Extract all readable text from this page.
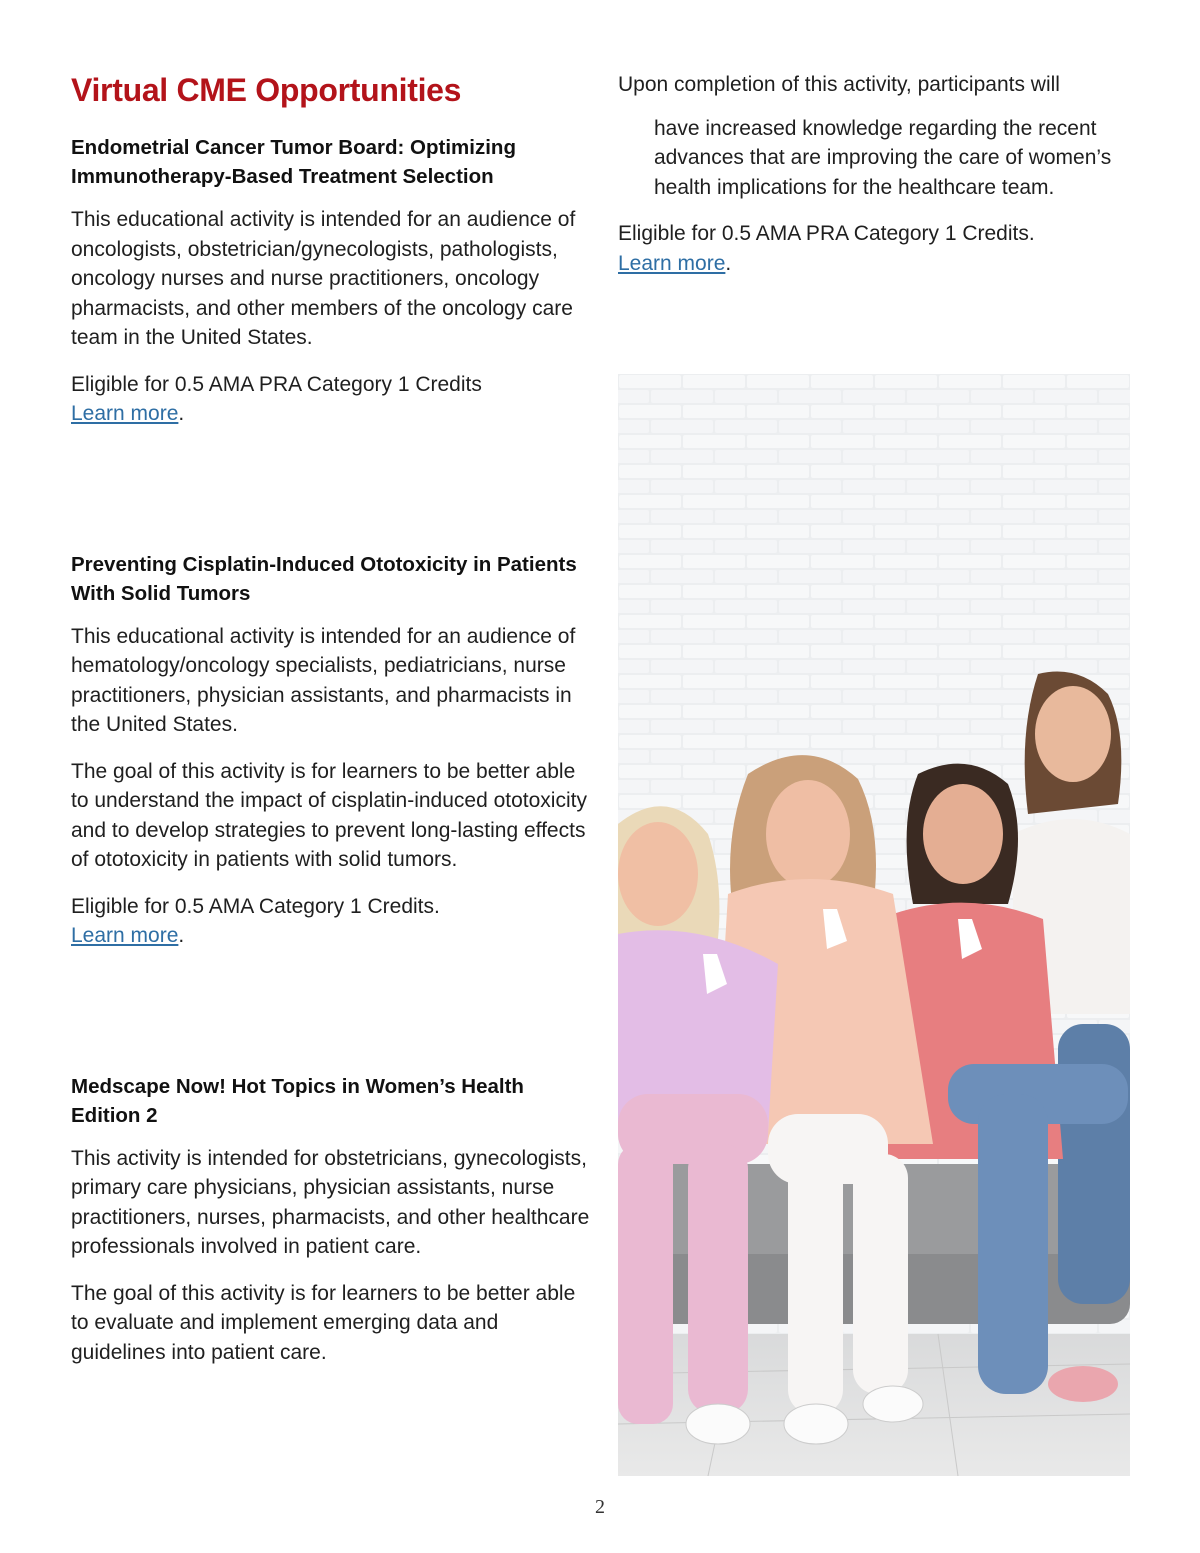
Virtual CME Opportunities
Endometrial Cancer Tumor Board: Optimizing Immunotherapy-Based Treatment Selection

This educational activity is intended for an audience of oncologists, obstetrician/gynecologists, pathologists, oncology nurses and nurse practitioners, oncology pharmacists, and other members of the oncology care team in the United States.

Eligible for 0.5 AMA PRA Category 1 Credits
Learn more.

Preventing Cisplatin-Induced Ototoxicity in Patients With Solid Tumors

This educational activity is intended for an audience of hematology/oncology specialists, pediatricians, nurse practitioners, physician assistants, and pharmacists in the United States.

The goal of this activity is for learners to be better able to understand the impact of cisplatin-induced ototoxicity and to develop strategies to prevent long-lasting effects of ototoxicity in patients with solid tumors.

Eligible for 0.5 AMA Category 1 Credits.
Learn more.

Medscape Now! Hot Topics in Women’s Health Edition 2

This activity is intended for obstetricians, gynecologists, primary care physicians, physician assistants, nurse practitioners, nurses, pharmacists, and other healthcare professionals involved in patient care.

The goal of this activity is for learners to be better able to evaluate and implement emerging data and guidelines into patient care.

Upon completion of this activity, participants will

have increased knowledge regarding the recent advances that are improving the care of women’s health implications for the healthcare team.

Eligible for 0.5 AMA PRA Category 1 Credits.
Learn more.

2
